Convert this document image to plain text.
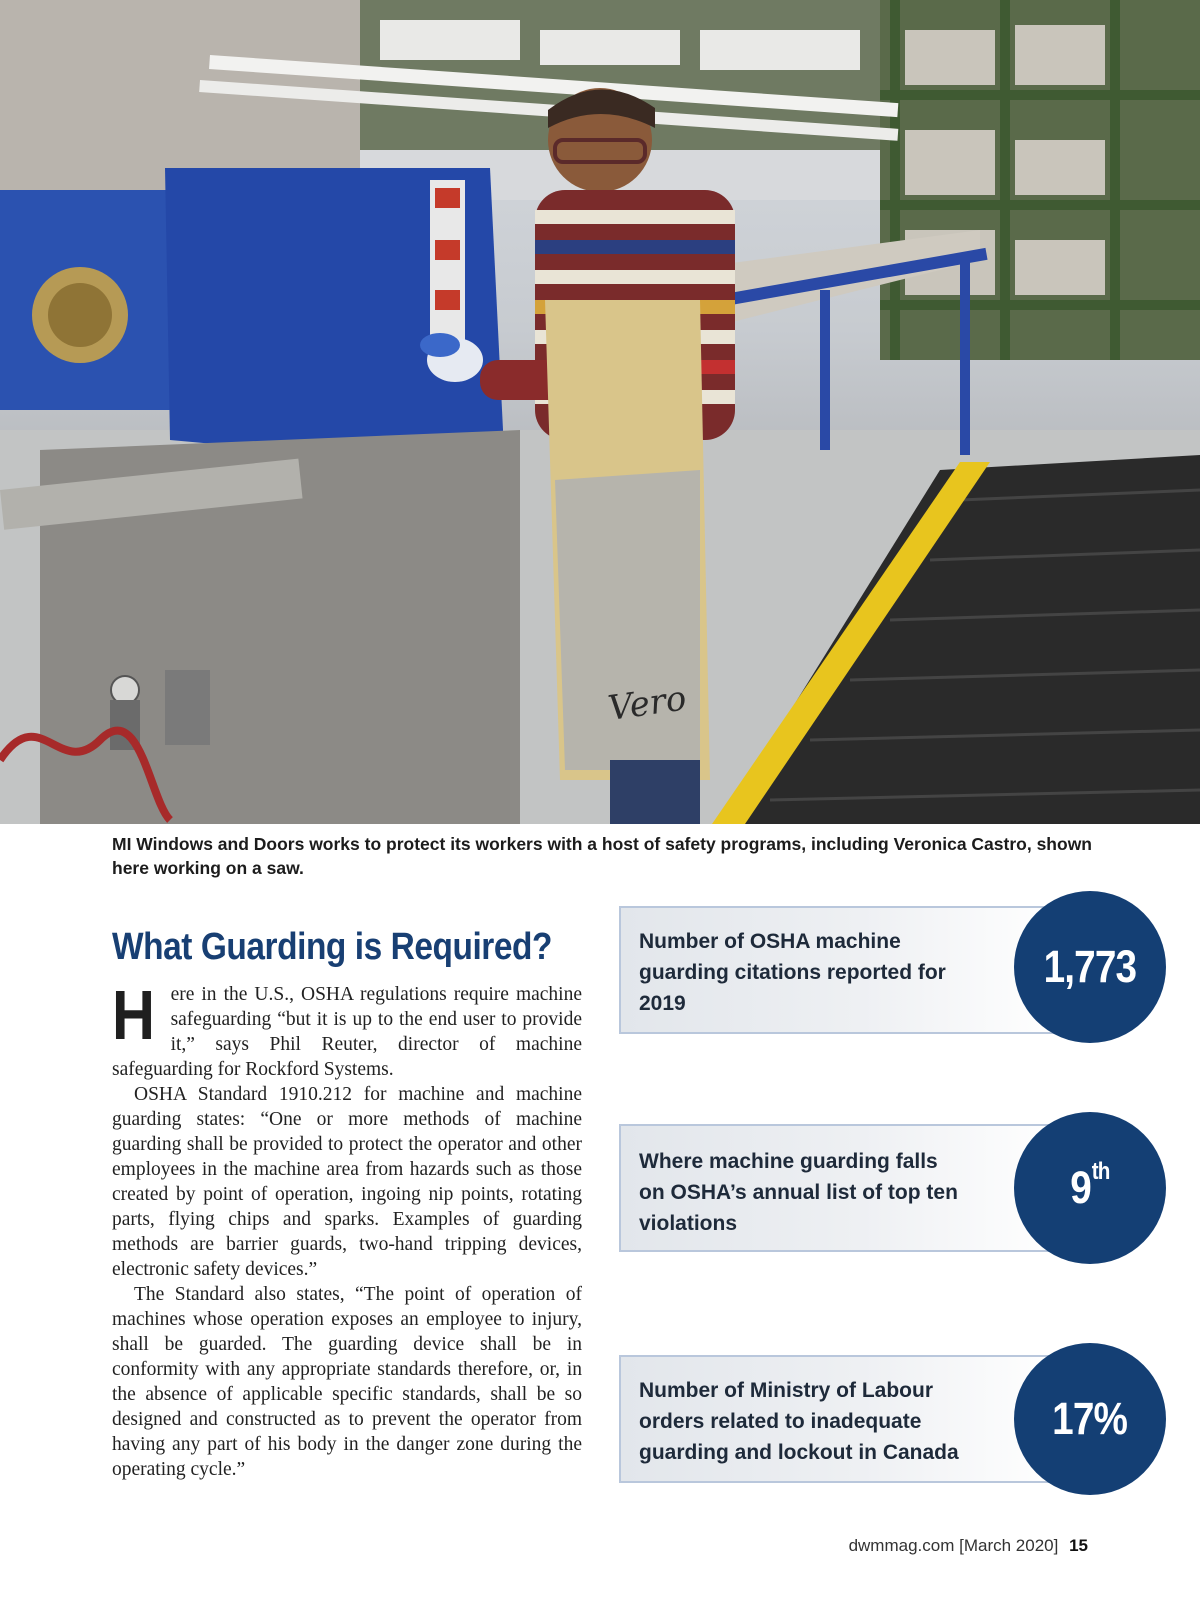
Vero
MI Windows and Doors works to protect its workers with a host of safety programs, including Veronica Castro, shown here working on a saw.
What Guarding is Required?

Here in the U.S., OSHA regulations require machine safeguarding “but it is up to the end user to provide it,” says Phil Reuter, director of machine safeguarding for Rockford Systems.

OSHA Standard 1910.212 for machine and machine guarding states: “One or more methods of machine guarding shall be provided to protect the operator and other employees in the machine area from hazards such as those created by point of operation, ingoing nip points, rotating parts, flying chips and sparks. Examples of guarding methods are barrier guards, two-hand tripping devices, electronic safety devices.”

The Standard also states, “The point of operation of machines whose operation exposes an employee to injury, shall be guarded. The guarding device shall be in conformity with any appropriate standards therefore, or, in the absence of applicable specific standards, shall be so designed and constructed as to prevent the operator from having any part of his body in the danger zone during the operating cycle.”

Number of OSHA machine guarding citations reported for 2019
1,773
Where machine guarding falls on OSHA’s annual list of top ten violations
9th
Number of Ministry of Labour orders related to inadequate guarding and lockout in Canada
17%
dwmmag.com [March 2020] 15
